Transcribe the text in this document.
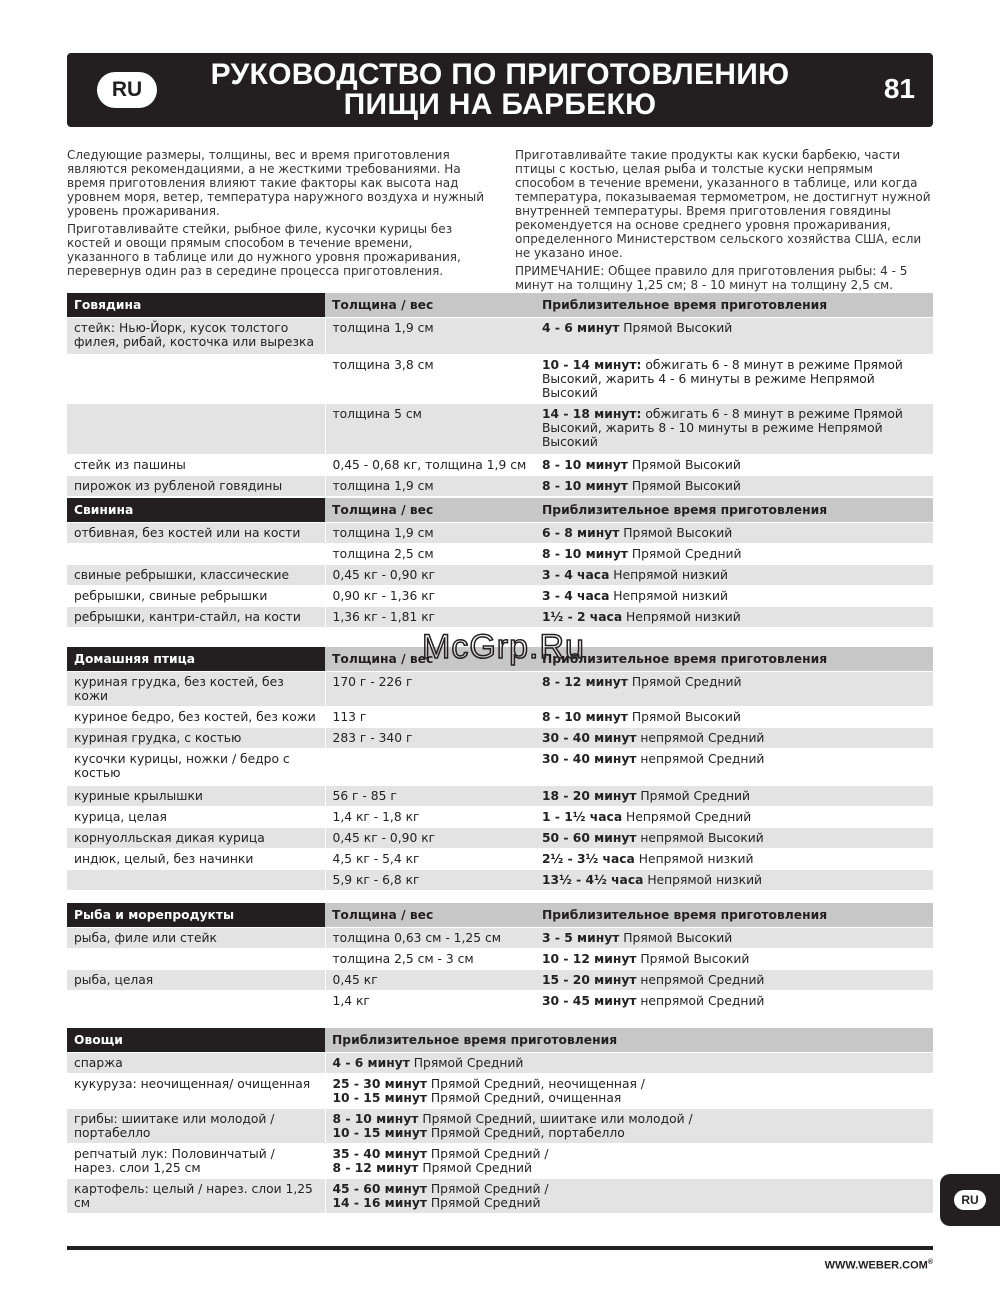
RU	РУКОВОДСТВО ПО ПРИГОТОВЛЕНИЮ
ПИЩИ НА БАРБЕКЮ	81

Следующие размеры, толщины, вес и время приготовления являются рекомендациями, а не жесткими требованиями. На время приготовления влияют такие факторы как высота над уровнем моря, ветер, температура наружного воздуха и нужный уровень прожаривания.

Приготавливайте стейки, рыбное филе, кусочки курицы без костей и овощи прямым способом в течение времени, указанного в таблице или до нужного уровня прожаривания, перевернув один раз в середине процесса приготовления.

Приготавливайте такие продукты как куски барбекю, части птицы с костью, целая рыба и толстые куски непрямым способом в течение времени, указанного в таблице, или когда температура, показываемая термометром, не достигнут нужной внутренней температуры. Время приготовления говядины рекомендуется на основе среднего уровня прожаривания, определенного Министерством сельского хозяйства США, если не указано иное.

ПРИМЕЧАНИЕ: Общее правило для приготовления рыбы: 4 - 5 минут на толщину 1,25 см; 8 - 10 минут на толщину 2,5 см.

Говядина	Толщина / вес	Приблизительное время приготовления
стейк: Нью-Йорк, кусок толстого филея, рибай, косточка или вырезка	толщина 1,9 см	4 - 6 минут Прямой Высокий
	толщина 3,8 см	10 - 14 минут: обжигать 6 - 8 минут в режиме Прямой Высокий, жарить 4 - 6 минуты в режиме Непрямой Высокий
	толщина 5 см	14 - 18 минут: обжигать 6 - 8 минут в режиме Прямой Высокий, жарить 8 - 10 минуты в режиме Непрямой Высокий
стейк из пашины	0,45 - 0,68 кг, толщина 1,9 см	8 - 10 минут Прямой Высокий
пирожок из рубленой говядины	толщина 1,9 см	8 - 10 минут Прямой Высокий
Свинина	Толщина / вес	Приблизительное время приготовления
отбивная, без костей или на кости	толщина 1,9 см	6 - 8 минут Прямой Высокий
	толщина 2,5 см	8 - 10 минут Прямой Средний
свиные ребрышки, классические	0,45 кг - 0,90 кг	3 - 4 часа Непрямой низкий
ребрышки, свиные ребрышки	0,90 кг - 1,36 кг	3 - 4 часа Непрямой низкий
ребрышки, кантри-стайл, на кости	1,36 кг - 1,81 кг	1½ - 2 часа Непрямой низкий
Домашняя птица	Толщина / вес	Приблизительное время приготовления
куриная грудка, без костей, без кожи	170 г - 226 г	8 - 12 минут Прямой Средний
куриное бедро, без костей, без кожи	113 г	8 - 10 минут Прямой Высокий
куриная грудка, с костью	283 г - 340 г	30 - 40 минут непрямой Средний
кусочки курицы, ножки / бедро с костью		30 - 40 минут непрямой Средний
куриные крылышки	56 г - 85 г	18 - 20 минут Прямой Средний
курица, целая	1,4 кг - 1,8 кг	1 - 1½ часа Непрямой Средний
корнуолльская дикая курица	0,45 кг - 0,90 кг	50 - 60 минут непрямой Высокий
индюк, целый, без начинки	4,5 кг - 5,4 кг	2½ - 3½ часа Непрямой низкий
	5,9 кг - 6,8 кг	13½ - 4½ часа Непрямой низкий
Рыба и морепродукты	Толщина / вес	Приблизительное время приготовления
рыба, филе или стейк	толщина 0,63 см - 1,25 см	3 - 5 минут Прямой Высокий
	толщина 2,5 см - 3 см	10 - 12 минут Прямой Высокий
рыба, целая	0,45 кг	15 - 20 минут непрямой Средний
	1,4 кг	30 - 45 минут непрямой Средний
Овощи	Приблизительное время приготовления
спаржа	4 - 6 минут Прямой Средний
кукуруза: неочищенная/ очищенная	25 - 30 минут Прямой Средний, неочищенная /
10 - 15 минут Прямой Средний, очищенная

грибы: шиитаке или молодой / портабелло	8 - 10 минут Прямой Средний, шиитаке или молодой /
10 - 15 минут Прямой Средний, портабелло

репчатый лук: Половинчатый / нарез. слои 1,25 см	35 - 40 минут Прямой Средний /
8 - 12 минут Прямой Средний

картофель: целый / нарез. слои 1,25 см	45 - 60 минут Прямой Средний /
14 - 16 минут Прямой Средний	RU
McGrp.Ru
WWW.WEBER.COM®
